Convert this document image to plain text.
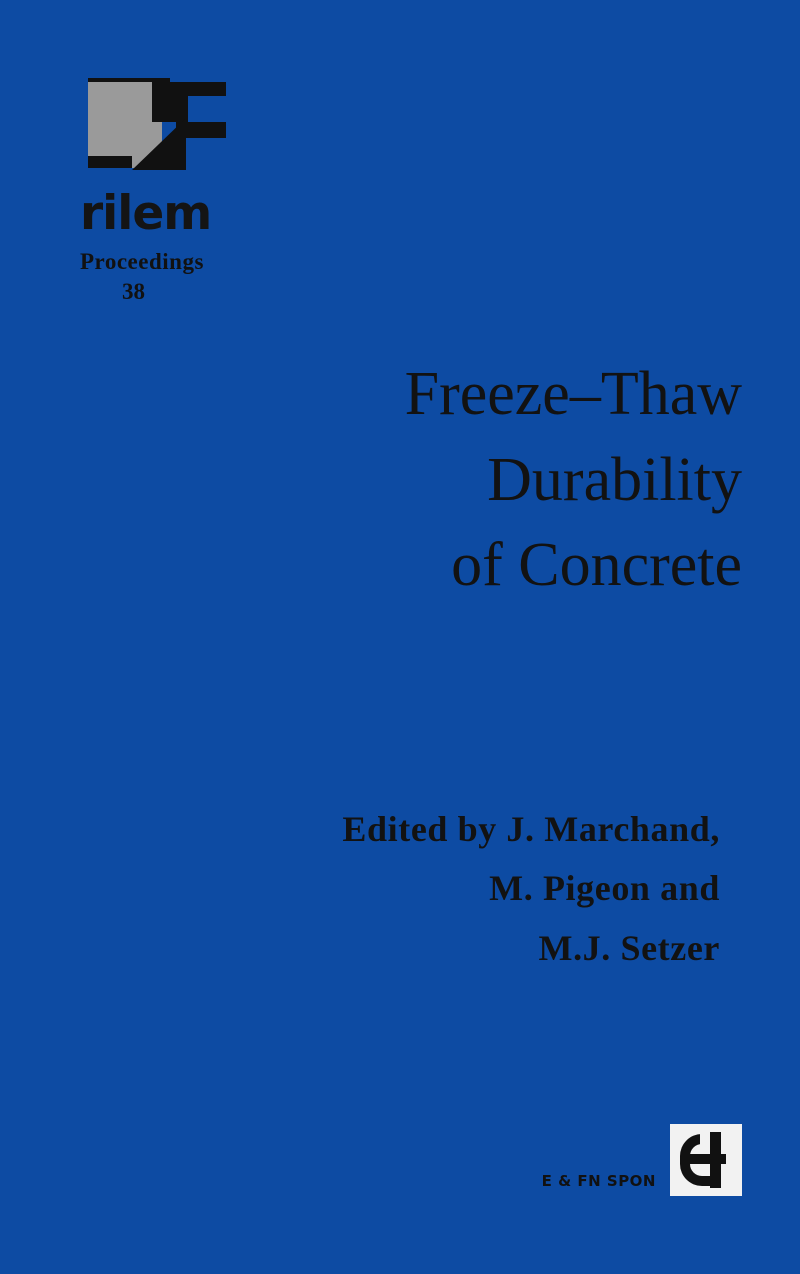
rilem
Proceedings
38
Freeze–Thaw
Durability
of Concrete
Edited by J. Marchand,
M. Pigeon and
M.J. Setzer
E & FN SPON
